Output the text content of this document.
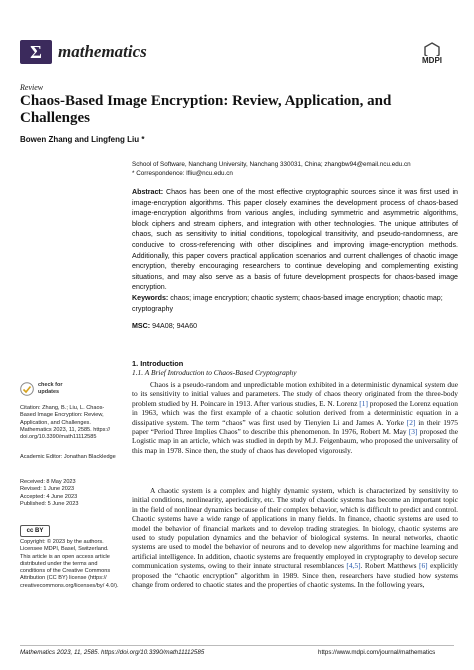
Σ mathematics	MDPI
Review
Chaos-Based Image Encryption: Review, Application, and Challenges
Bowen Zhang and Lingfeng Liu *
School of Software, Nanchang University, Nanchang 330031, China; zhangbw94@email.ncu.edu.cn
* Correspondence: lfliu@ncu.edu.cn
Abstract: Chaos has been one of the most effective cryptographic sources since it was first used in image-encryption algorithms. This paper closely examines the development process of chaos-based image-encryption algorithms from various angles, including symmetric and asymmetric algorithms, block ciphers and stream ciphers, and integration with other technologies. The unique attributes of chaos, such as sensitivity to initial conditions, topological transitivity, and pseudo-randomness, are conducive to cross-referencing with other disciplines and improving image-encryption methods. Additionally, this paper covers practical application scenarios and current challenges of chaotic image encryption, thereby encouraging researchers to continue developing and complementing existing situations, and may also serve as a basis of future development prospects for chaos-based image encryption.
Keywords: chaos; image encryption; chaotic system; chaos-based image encryption; chaotic map; cryptography
MSC: 94A08; 94A60
check for
updates
Citation: Zhang, B.; Liu, L. Chaos-Based Image Encryption: Review, Application, and Challenges. Mathematics 2023, 11, 2585. https:// doi.org/10.3390/math11112585
Academic Editor: Jonathan Blackledge
Received: 8 May 2023
Revised: 1 June 2023
Accepted: 4 June 2023
Published: 5 June 2023
cc BY
Copyright: © 2023 by the authors. Licensee MDPI, Basel, Switzerland. This article is an open access article distributed under the terms and conditions of the Creative Commons Attribution (CC BY) license (https:// creativecommons.org/licenses/by/ 4.0/).
1. Introduction
1.1. A Brief Introduction to Chaos-Based Cryptography
Chaos is a pseudo-random and unpredictable motion exhibited in a deterministic dynamical system due to its sensitivity to initial values and parameters. The study of chaos theory originated from the three-body problem studied by H. Poincare in 1913. After various studies, E. N. Lorenz [1] proposed the Lorenz equation in 1963, which was the first example of a chaotic solution derived from a deterministic equation in a dissipative system. The term “chaos” was first used by Tienyien Li and James A. Yorke [2] in their 1975 paper “Period Three Implies Chaos” to describe this phenomenon. In 1976, Robert M. May [3] proposed the Logistic map in an article, which was studied in depth by M.J. Feigenbaum, who proposed the universality of this map in 1978. Since then, the study of chaos has developed vigorously.
A chaotic system is a complex and highly dynamic system, which is characterized by sensitivity to initial conditions, nonlinearity, aperiodicity, etc. The study of chaotic systems has become an important topic in the field of nonlinear dynamics because of their complex behavior, which is difficult to predict and control. Chaotic systems have a wide range of applications in many fields. In finance, chaotic systems are used to model the behavior of financial markets and to develop trading strategies. In biology, chaotic systems are used to study population dynamics and the behavior of biological systems. In neural networks, chaotic systems are used to model the behavior of neurons and to develop new algorithms for machine learning and artificial intelligence. In addition, chaotic systems are frequently employed in cryptography to develop secure communication systems, owing to their innate structural resemblances [4,5]. Robert Matthews [6] explicitly proposed the “chaotic encryption” algorithm in 1989. Since then, researchers have studied how systems change from ordered to chaotic states and the properties of chaotic systems. In the following years,
Mathematics 2023, 11, 2585. https://doi.org/10.3390/math11112585	https://www.mdpi.com/journal/mathematics
